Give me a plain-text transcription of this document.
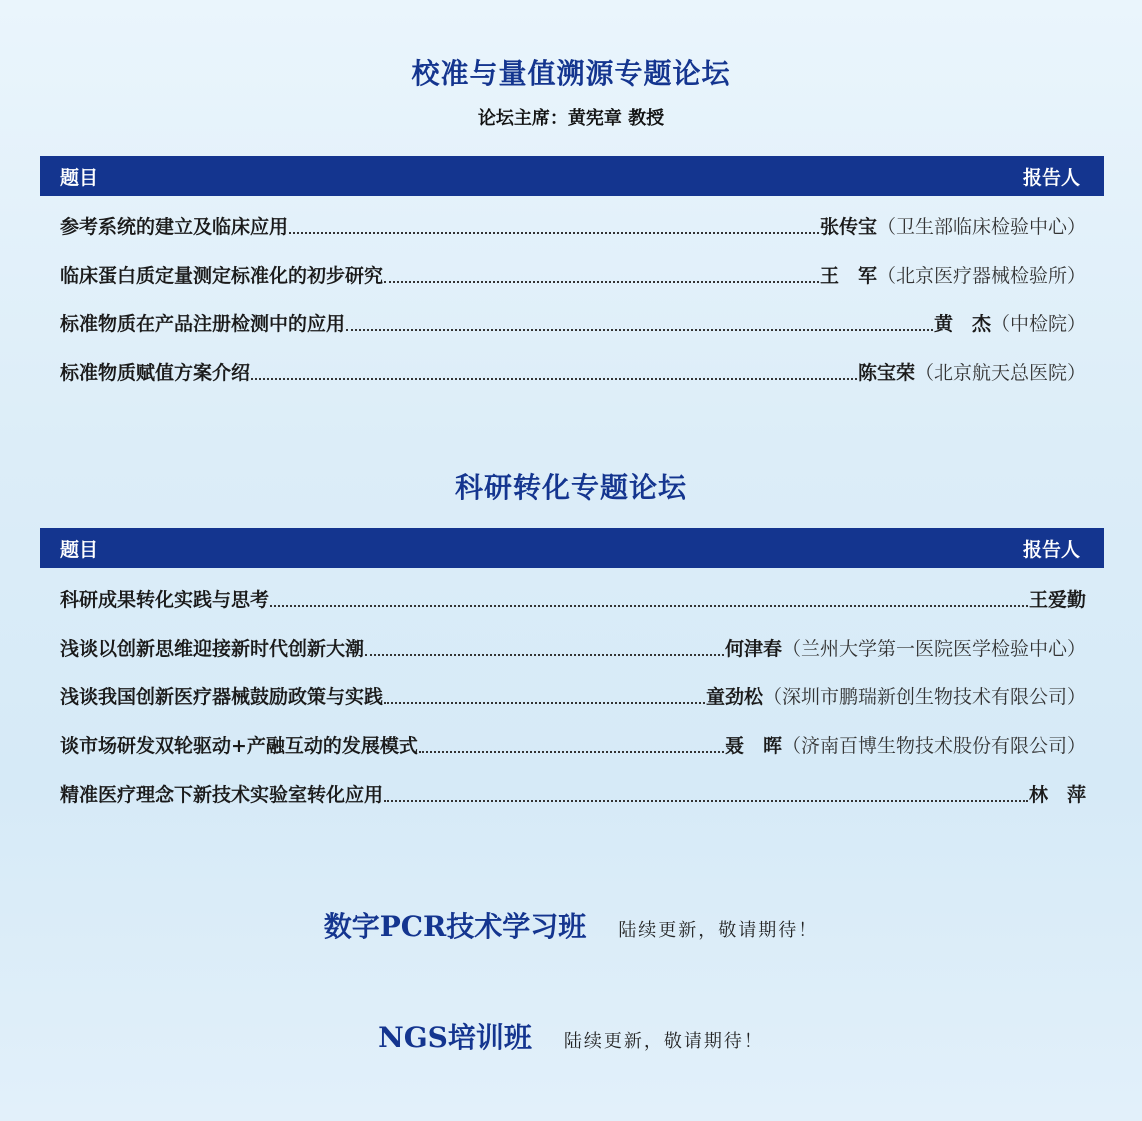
校准与量值溯源专题论坛
论坛主席：黄宪章 教授
题目	报告人
参考系统的建立及临床应用	张传宝 （卫生部临床检验中心）
临床蛋白质定量测定标准化的初步研究	王　军 （北京医疗器械检验所）
标准物质在产品注册检测中的应用	黄　杰 （中检院）
标准物质赋值方案介绍	陈宝荣 （北京航天总医院）
科研转化专题论坛
题目	报告人
科研成果转化实践与思考	王爱勤
浅谈以创新思维迎接新时代创新大潮	何津春 （兰州大学第一医院医学检验中心）
浅谈我国创新医疗器械鼓励政策与实践	童劲松 （深圳市鹏瑞新创生物技术有限公司）
谈市场研发双轮驱动+产融互动的发展模式	聂　晖 （济南百博生物技术股份有限公司）
精准医疗理念下新技术实验室转化应用	林　萍
数字PCR技术学习班 陆续更新，敬请期待！
NGS培训班 陆续更新，敬请期待！
